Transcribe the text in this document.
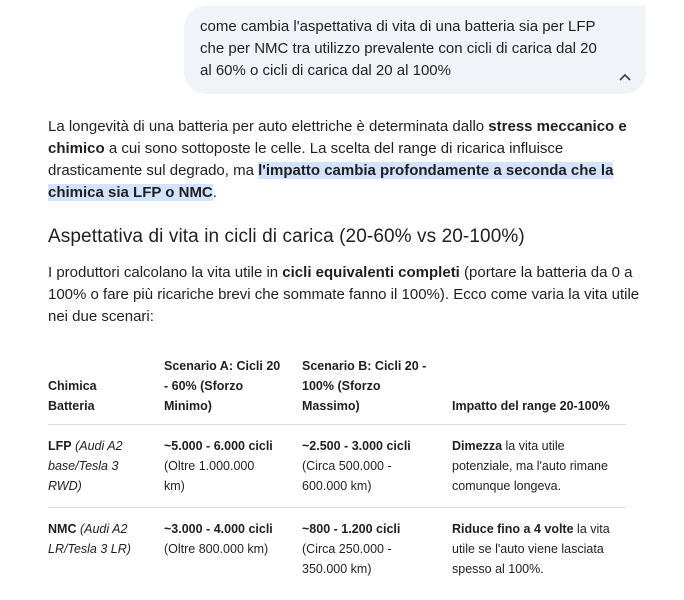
come cambia l'aspettativa di vita di una batteria sia per LFP
che per NMC tra utilizzo prevalente con cicli di carica dal 20
al 60% o cicli di carica dal 20 al 100%
La longevità di una batteria per auto elettriche è determinata dallo stress meccanico e chimico a cui sono sottoposte le celle. La scelta del range di ricarica influisce drasticamente sul degrado, ma l'impatto cambia profondamente a seconda che la chimica sia LFP o NMC.
Aspettativa di vita in cicli di carica (20-60% vs 20-100%)
I produttori calcolano la vita utile in cicli equivalenti completi (portare la batteria da 0 a 100% o fare più ricariche brevi che sommate fanno il 100%). Ecco come varia la vita utile nei due scenari:
Chimica
Batteria
Scenario A: Cicli 20
- 60% (Sforzo
Minimo)
Scenario B: Cicli 20 -
100% (Sforzo
Massimo)	Impatto del range 20-100%
LFP (Audi A2
base/Tesla 3
RWD)
~5.000 - 6.000 cicli
(Oltre 1.000.000
km)
~2.500 - 3.000 cicli
(Circa 500.000 -
600.000 km)
Dimezza la vita utile
potenziale, ma l'auto rimane
comunque longeva.
NMC (Audi A2
LR/Tesla 3 LR)
~3.000 - 4.000 cicli
(Oltre 800.000 km)
~800 - 1.200 cicli
(Circa 250.000 -
350.000 km)
Riduce fino a 4 volte la vita
utile se l'auto viene lasciata
spesso al 100%.
